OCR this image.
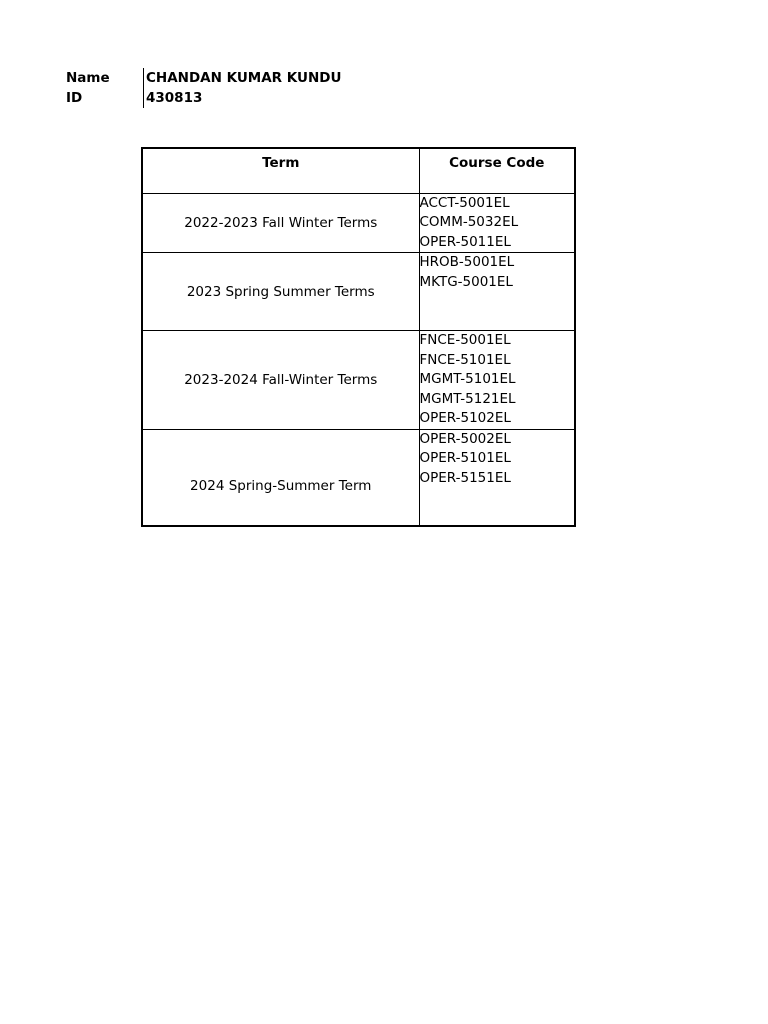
Name	CHANDAN KUMAR KUNDU
ID	430813
Term	Course Code
2022-2023 Fall Winter Terms	ACCT-5001EL
COMM-5032EL
OPER-5011EL

2023 Spring Summer Terms	HROB-5001EL
MKTG-5001EL

2023-2024 Fall-Winter Terms	FNCE-5001EL
FNCE-5101EL
MGMT-5101EL
MGMT-5121EL
OPER-5102EL

2024 Spring-Summer Term	OPER-5002EL
OPER-5101EL
OPER-5151EL
